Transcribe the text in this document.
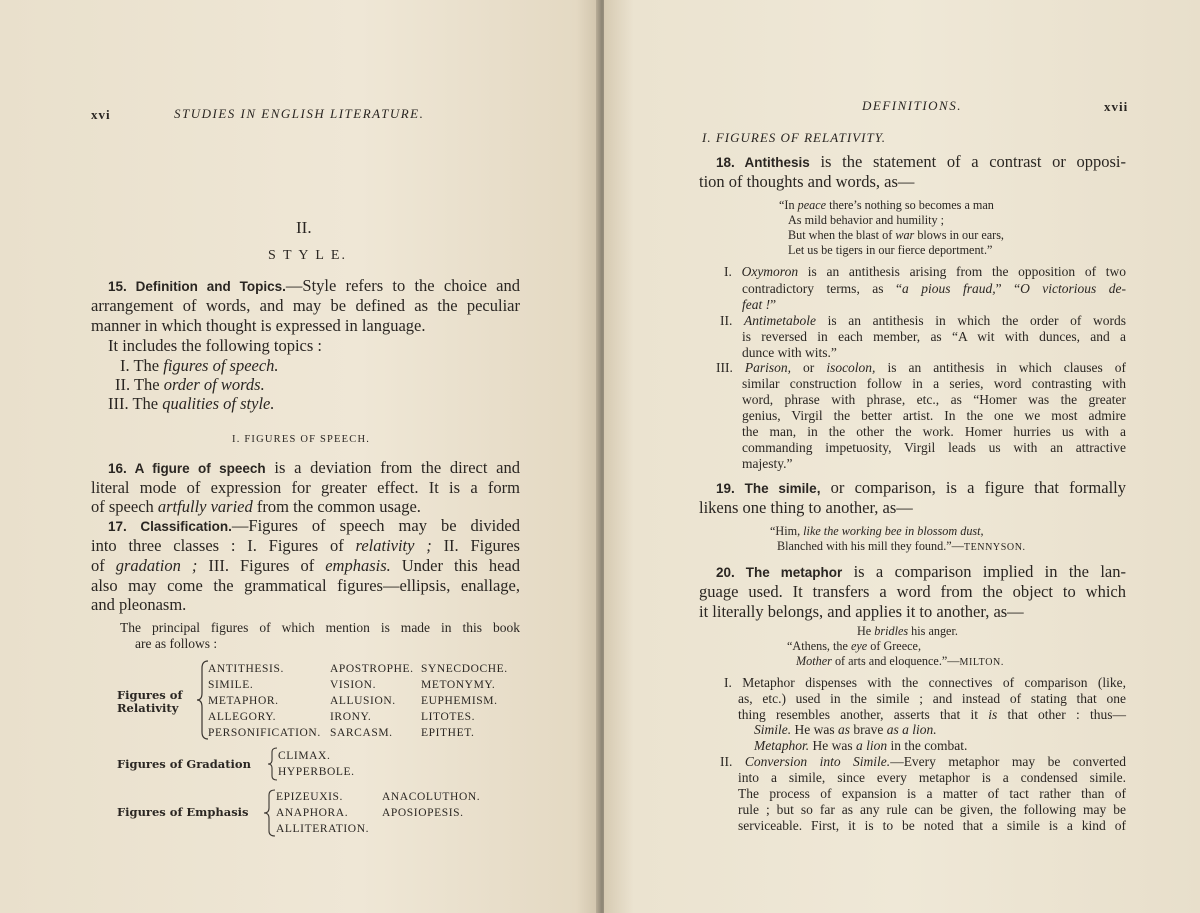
xvi	STUDIES IN ENGLISH LITERATURE.
II.
S T Y L E.
15. Definition and Topics.—Style refers to the choice and
arrangement of words, and may be defined as the peculiar
manner in which thought is expressed in language.
It includes the following topics :
I. The figures of speech.
II. The order of words.
III. The qualities of style.
I. FIGURES OF SPEECH.
16. A figure of speech is a deviation from the direct and
literal mode of expression for greater effect. It is a form
of speech artfully varied from the common usage.
17. Classification.—Figures of speech may be divided
into three classes : I. Figures of relativity ; II. Figures
of gradation ; III. Figures of emphasis. Under this head
also may come the grammatical figures—ellipsis, enallage,
and pleonasm.
The principal figures of which mention is made in this book
are as follows :
Figures of
Relativity
ANTITHESIS.
SIMILE.
METAPHOR.
ALLEGORY.
PERSONIFICATION.
APOSTROPHE.
VISION.
ALLUSION.
IRONY.
SARCASM.
SYNECDOCHE.
METONYMY.
EUPHEMISM.
LITOTES.
EPITHET.
Figures of Gradation
CLIMAX.
HYPERBOLE.
Figures of Emphasis
EPIZEUXIS.
ANAPHORA.
ALLITERATION.
ANACOLUTHON.
APOSIOPESIS.
DEFINITIONS.	xvii
I. FIGURES OF RELATIVITY.
18. Antithesis is the statement of a contrast or opposi-
tion of thoughts and words, as—
“In peace there’s nothing so becomes a man
As mild behavior and humility ;
But when the blast of war blows in our ears,
Let us be tigers in our fierce deportment.”
I. Oxymoron is an antithesis arising from the opposition of two
contradictory terms, as “a pious fraud,” “O victorious de-
feat !”
II. Antimetabole is an antithesis in which the order of words
is reversed in each member, as “A wit with dunces, and a
dunce with wits.”
III. Parison, or isocolon, is an antithesis in which clauses of
similar construction follow in a series, word contrasting with
word, phrase with phrase, etc., as “Homer was the greater
genius, Virgil the better artist. In the one we most admire
the man, in the other the work. Homer hurries us with a
commanding impetuosity, Virgil leads us with an attractive
majesty.”
19. The simile, or comparison, is a figure that formally
likens one thing to another, as—
“Him, like the working bee in blossom dust,
Blanched with his mill they found.”—TENNYSON.
20. The metaphor is a comparison implied in the lan-
guage used. It transfers a word from the object to which
it literally belongs, and applies it to another, as—
He bridles his anger.
“Athens, the eye of Greece,
Mother of arts and eloquence.”—MILTON.
I. Metaphor dispenses with the connectives of comparison (like,
as, etc.) used in the simile ; and instead of stating that one
thing resembles another, asserts that it is that other : thus—
Simile. He was as brave as a lion.
Metaphor. He was a lion in the combat.
II. Conversion into Simile.—Every metaphor may be converted
into a simile, since every metaphor is a condensed simile.
The process of expansion is a matter of tact rather than of
rule ; but so far as any rule can be given, the following may be
serviceable. First, it is to be noted that a simile is a kind of
